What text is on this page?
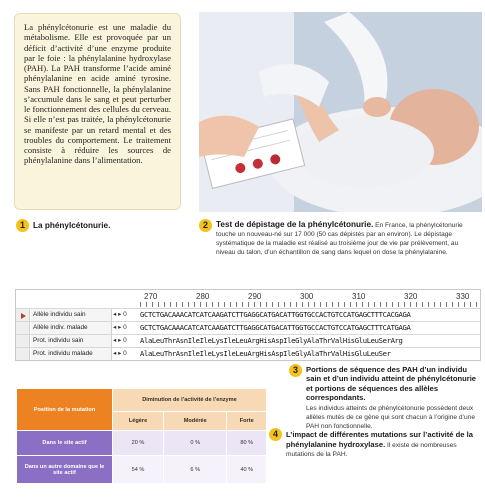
La phénylcétonurie est une maladie du métabolisme. Elle est provoquée par un déficit d’activité d’une enzyme produite par le foie : la phénylalanine hydroxylase (PAH). La PAH transforme l’acide aminé phénylalanine en acide aminé tyrosine. Sans PAH fonctionnelle, la phénylalanine s’accumule dans le sang et peut perturber le fonctionnement des cellules du cerveau. Si elle n’est pas traitée, la phénylcétonurie se manifeste par un retard mental et des troubles du comportement. Le traitement consiste à réduire les sources de phénylalanine dans l’alimentation.

1 La phénylcétonurie.	2 Test de dépistage de la phénylcétonurie. En France, la phénylcétonurie touche un nouveau-né sur 17 000 (50 cas dépistés par an environ). Le dépistage systématique de la maladie est réalisé au troisième jour de vie par prélèvement, au niveau du talon, d’un échantillon de sang dans lequel on dose la phénylalanine.
270	280	290	300	310	320	330
Allèle individu sain	◂ ▸ 0	GCTCTGACAAACATCATCAAGATCTTGAGGCATGACATTGGTGCCACTGTCCATGAGCTTTCACGAGA
Allèle indiv. malade	◂ ▸ 0	GCTCTGACAAACATCATCAAGATCTTGAGGCATGACATTGGTGCCACTGTCCATGAGCTTTCATGAGA
Prot. individu sain	◂ ▸ 0	AlaLeuThrAsnIleIleLysIleLeuArgHisAspIleGlyAlaThrValHisGluLeuSerArg
Prot. individu malade	◂ ▸ 0	AlaLeuThrAsnIleIleLysIleLeuArgHisAspIleGlyAlaThrValHisGluLeuSer
3	Portions de séquence des PAH d’un individu sain et d’un individu atteint de phénylcétonurie et portions de séquences des allèles correspondants.
Les individus atteints de phénylcétonurie possèdent deux allèles mutés de ce gène qui sont chacun à l’origine d’une PAH non fonctionnelle.
Position de la mutation	Diminution de l’activité de l’enzyme		
	Légère	Modérée	Forte
Dans le site actif	20 %	0 %	80 %
Dans un autre domaine que le site actif	54 %	6 %	40 %
4	L’impact de différentes mutations sur l’activité de la phénylalanine hydroxylase. Il existe de nombreuses mutations de la PAH.
